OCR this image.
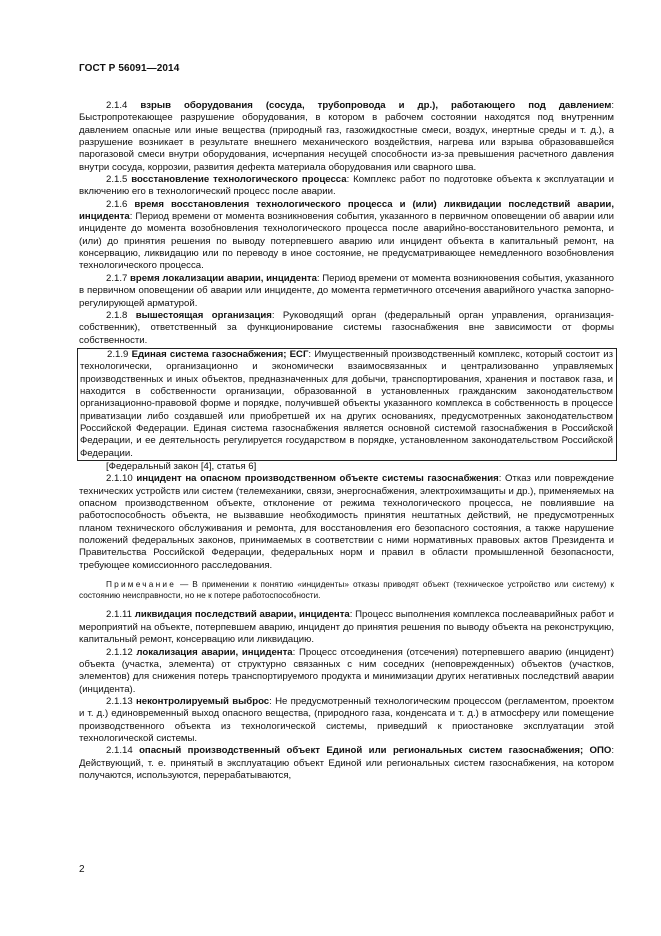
ГОСТ Р 56091—2014

2.1.4 взрыв оборудования (сосуда, трубопровода и др.), работающего под давлением: Быстропротекающее разрушение оборудования, в котором в рабочем состоянии находятся под внутренним давлением опасные или иные вещества (природный газ, газожидкостные смеси, воздух, инертные среды и т. д.), а разрушение возникает в результате внешнего механического воздействия, нагрева или взрыва образовавшейся парогазовой смеси внутри оборудования, исчерпания несущей способности из-за превышения расчетного давления внутри сосуда, коррозии, развития дефекта материала оборудования или сварного шва.

2.1.5 восстановление технологического процесса: Комплекс работ по подготовке объекта к эксплуатации и включению его в технологический процесс после аварии.

2.1.6 время восстановления технологического процесса и (или) ликвидации последствий аварии, инцидента: Период времени от момента возникновения события, указанного в первичном оповещении об аварии или инциденте до момента возобновления технологического процесса после аварийно-восстановительного ремонта, и (или) до принятия решения по выводу потерпевшего аварию или инцидент объекта в капитальный ремонт, на консервацию, ликвидацию или по переводу в иное состояние, не предусматривающее немедленного возобновления технологического процесса.

2.1.7 время локализации аварии, инцидента: Период времени от момента возникновения события, указанного в первичном оповещении об аварии или инциденте, до момента герметичного отсечения аварийного участка запорно-регулирующей арматурой.

2.1.8 вышестоящая организация: Руководящий орган (федеральный орган управления, организация-собственник), ответственный за функционирование системы газоснабжения вне зависимости от формы собственности.

2.1.9 Единая система газоснабжения; ЕСГ: Имущественный производственный комплекс, который состоит из технологически, организационно и экономически взаимосвязанных и централизованно управляемых производственных и иных объектов, предназначенных для добычи, транспортирования, хранения и поставок газа, и находится в собственности организации, образованной в установленных гражданским законодательством организационно-правовой форме и порядке, получившей объекты указанного комплекса в собственность в процессе приватизации либо создавшей или приобретшей их на других основаниях, предусмотренных законодательством Российской Федерации. Единая система газоснабжения является основной системой газоснабжения в Российской Федерации, и ее деятельность регулируется государством в порядке, установленном законодательством Российской Федерации.

[Федеральный закон [4], статья 6]

2.1.10 инцидент на опасном производственном объекте системы газоснабжения: Отказ или повреждение технических устройств или систем (телемеханики, связи, энергоснабжения, электрохимзащиты и др.), применяемых на опасном производственном объекте, отклонение от режима технологического процесса, не повлиявшие на работоспособность объекта, не вызвавшие необходимость принятия нештатных действий, не предусмотренных планом технического обслуживания и ремонта, для восстановления его безопасного состояния, а также нарушение положений федеральных законов, принимаемых в соответствии с ними нормативных правовых актов Президента и Правительства Российской Федерации, федеральных норм и правил в области промышленной безопасности, требующее комиссионного расследования.

Примечание — В применении к понятию «инциденты» отказы приводят объект (техническое устройство или систему) к состоянию неисправности, но не к потере работоспособности.

2.1.11 ликвидация последствий аварии, инцидента: Процесс выполнения комплекса послеаварийных работ и мероприятий на объекте, потерпевшем аварию, инцидент до принятия решения по выводу объекта на реконструкцию, капитальный ремонт, консервацию или ликвидацию.

2.1.12 локализация аварии, инцидента: Процесс отсоединения (отсечения) потерпевшего аварию (инцидент) объекта (участка, элемента) от структурно связанных с ним соседних (неповрежденных) объектов (участков, элементов) для снижения потерь транспортируемого продукта и минимизации других негативных последствий аварии (инцидента).

2.1.13 неконтролируемый выброс: Не предусмотренный технологическим процессом (регламентом, проектом и т. д.) единовременный выход опасного вещества, (природного газа, конденсата и т. д.) в атмосферу или помещение производственного объекта из технологической системы, приведший к приостановке эксплуатации этой технологической системы.

2.1.14 опасный производственный объект Единой или региональных систем газоснабжения; ОПО: Действующий, т. е. принятый в эксплуатацию объект Единой или региональных систем газоснабжения, на котором получаются, используются, перерабатываются,

2
